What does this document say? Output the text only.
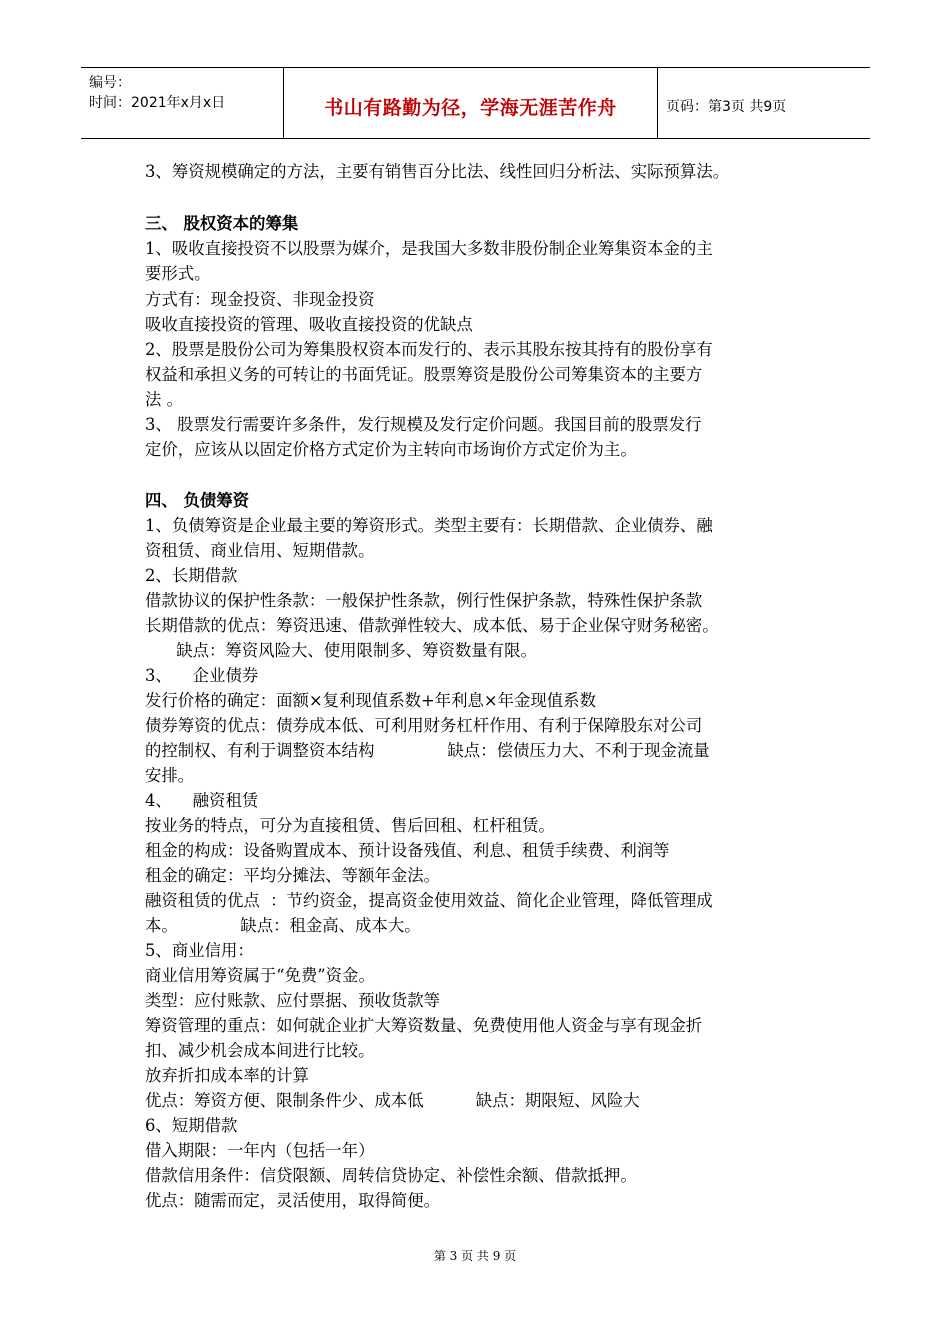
编号：
时间：2021年x月x日	书山有路勤为径，学海无涯苦作舟	页码：第3页 共9页
3、筹资规模确定的方法，主要有销售百分比法、线性回归分析法、实际预算法。
三、 股权资本的筹集
1、吸收直接投资不以股票为媒介，是我国大多数非股份制企业筹集资本金的主
要形式。
方式有：现金投资、非现金投资
吸收直接投资的管理、吸收直接投资的优缺点
2、股票是股份公司为筹集股权资本而发行的、表示其股东按其持有的股份享有
权益和承担义务的可转让的书面凭证。股票筹资是股份公司筹集资本的主要方
法 。
3、 股票发行需要许多条件，发行规模及发行定价问题。我国目前的股票发行
定价，应该从以固定价格方式定价为主转向市场询价方式定价为主。
四、 负债筹资
1、负债筹资是企业最主要的筹资形式。类型主要有：长期借款、企业债券、融
资租赁、商业信用、短期借款。
2、长期借款
借款协议的保护性条款：一般保护性条款，例行性保护条款，特殊性保护条款
长期借款的优点：筹资迅速、借款弹性较大、成本低、易于企业保守财务秘密。
缺点：筹资风险大、使用限制多、筹资数量有限。
3、    企业债券
发行价格的确定：面额×复利现值系数+年利息×年金现值系数
债券筹资的优点：债券成本低、可利用财务杠杆作用、有利于保障股东对公司
的控制权、有利于调整资本结构              缺点：偿债压力大、不利于现金流量
安排。
4、    融资租赁
按业务的特点，可分为直接租赁、售后回租、杠杆租赁。
租金的构成：设备购置成本、预计设备残值、利息、租赁手续费、利润等
租金的确定：平均分摊法、等额年金法。
融资租赁的优点  ：节约资金，提高资金使用效益、简化企业管理，降低管理成
本。            缺点：租金高、成本大。
5、商业信用：
商业信用筹资属于“免费”资金。
类型：应付账款、应付票据、预收货款等
筹资管理的重点：如何就企业扩大筹资数量、免费使用他人资金与享有现金折
扣、减少机会成本间进行比较。
放弃折扣成本率的计算
优点：筹资方便、限制条件少、成本低          缺点：期限短、风险大
6、短期借款
借入期限：一年内（包括一年）
借款信用条件：信贷限额、周转信贷协定、补偿性余额、借款抵押。
优点：随需而定，灵活使用，取得简便。
第 3 页 共 9 页
